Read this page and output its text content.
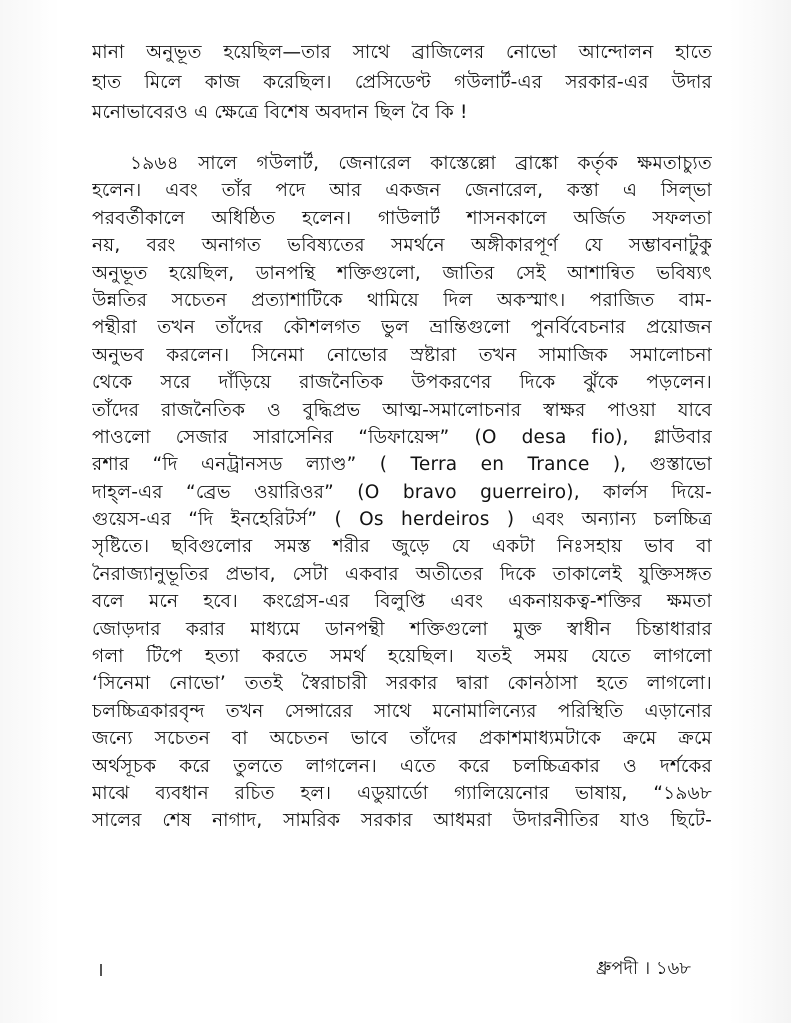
মানা অনুভূত হয়েছিল—তার সাথে ব্রাজিলের নোভো আন্দোলন হাতে
হাত মিলে কাজ করেছিল। প্রেসিডেণ্ট গউলার্ট-এর সরকার-এর উদার
মনোভাবেরও এ ক্ষেত্রে বিশেষ অবদান ছিল বৈ কি !
১৯৬৪ সালে গউলার্ট, জেনারেল কাস্তেল্লো ব্রাঙ্কো কর্তৃক ক্ষমতাচ্যুত
হলেন। এবং তাঁর পদে আর একজন জেনারেল, কস্তা এ সিল্ভা
পরবর্তীকালে অধিষ্ঠিত হলেন। গাউলার্ট শাসনকালে অর্জিত সফলতা
নয়, বরং অনাগত ভবিষ্যতের সমর্থনে অঙ্গীকারপূর্ণ যে সম্ভাবনাটুকু
অনুভূত হয়েছিল, ডানপন্থি শক্তিগুলো, জাতির সেই আশান্বিত ভবিষ্যৎ
উন্নতির সচেতন প্রত্যাশাটিকে থামিয়ে দিল অকস্মাৎ। পরাজিত বাম-
পন্থীরা তখন তাঁদের কৌশলগত ভুল ভ্রান্তিগুলো পুনর্বিবেচনার প্রয়োজন
অনুভব করলেন। সিনেমা নোভোর স্রষ্টারা তখন সামাজিক সমালোচনা
থেকে সরে দাঁড়িয়ে রাজনৈতিক উপকরণের দিকে ঝুঁকে পড়লেন।
তাঁদের রাজনৈতিক ও বুদ্ধিপ্রভ আত্ম-সমালোচনার স্বাক্ষর পাওয়া যাবে
পাওলো সেজার সারাসেনির “ডিফায়েন্স” (O desa fio), গ্লাউবার
রশার “দি এনট্রানসড ল্যাণ্ড” ( Terra en Trance ), গুস্তাভো
দাহ্‌ল-এর “ব্রেভ ওয়ারিওর” (O bravo guerreiro), কার্লস দিয়ে-
গুয়েস-এর “দি ইনহেরিটর্স” ( Os herdeiros ) এবং অন্যান্য চলচ্চিত্র
সৃষ্টিতে। ছবিগুলোর সমস্ত শরীর জুড়ে যে একটা নিঃসহায় ভাব বা
নৈরাজ্যানুভূতির প্রভাব, সেটা একবার অতীতের দিকে তাকালেই যুক্তিসঙ্গত
বলে মনে হবে। কংগ্রেস-এর বিলুপ্তি এবং একনায়কত্ব-শক্তির ক্ষমতা
জোড়দার করার মাধ্যমে ডানপন্থী শক্তিগুলো মুক্ত স্বাধীন চিন্তাধারার
গলা টিপে হত্যা করতে সমর্থ হয়েছিল। যতই সময় যেতে লাগলো
‘সিনেমা নোভো’ ততই স্বৈরাচারী সরকার দ্বারা কোনঠাসা হতে লাগলো।
চলচ্চিত্রকারবৃন্দ তখন সেন্সারের সাথে মনোমালিন্যের পরিস্থিতি এড়ানোর
জন্যে সচেতন বা অচেতন ভাবে তাঁদের প্রকাশমাধ্যমটাকে ক্রমে ক্রমে
অর্থসূচক করে তুলতে লাগলেন। এতে করে চলচ্চিত্রকার ও দর্শকের
মাঝে ব্যবধান রচিত হল। এডুয়ার্ডো গ্যালিয়েনোর ভাষায়, “১৯৬৮
সালের শেষ নাগাদ, সামরিক সরকার আধমরা উদারনীতির যাও ছিটে-
ধ্রুপদী । ১৬৮
